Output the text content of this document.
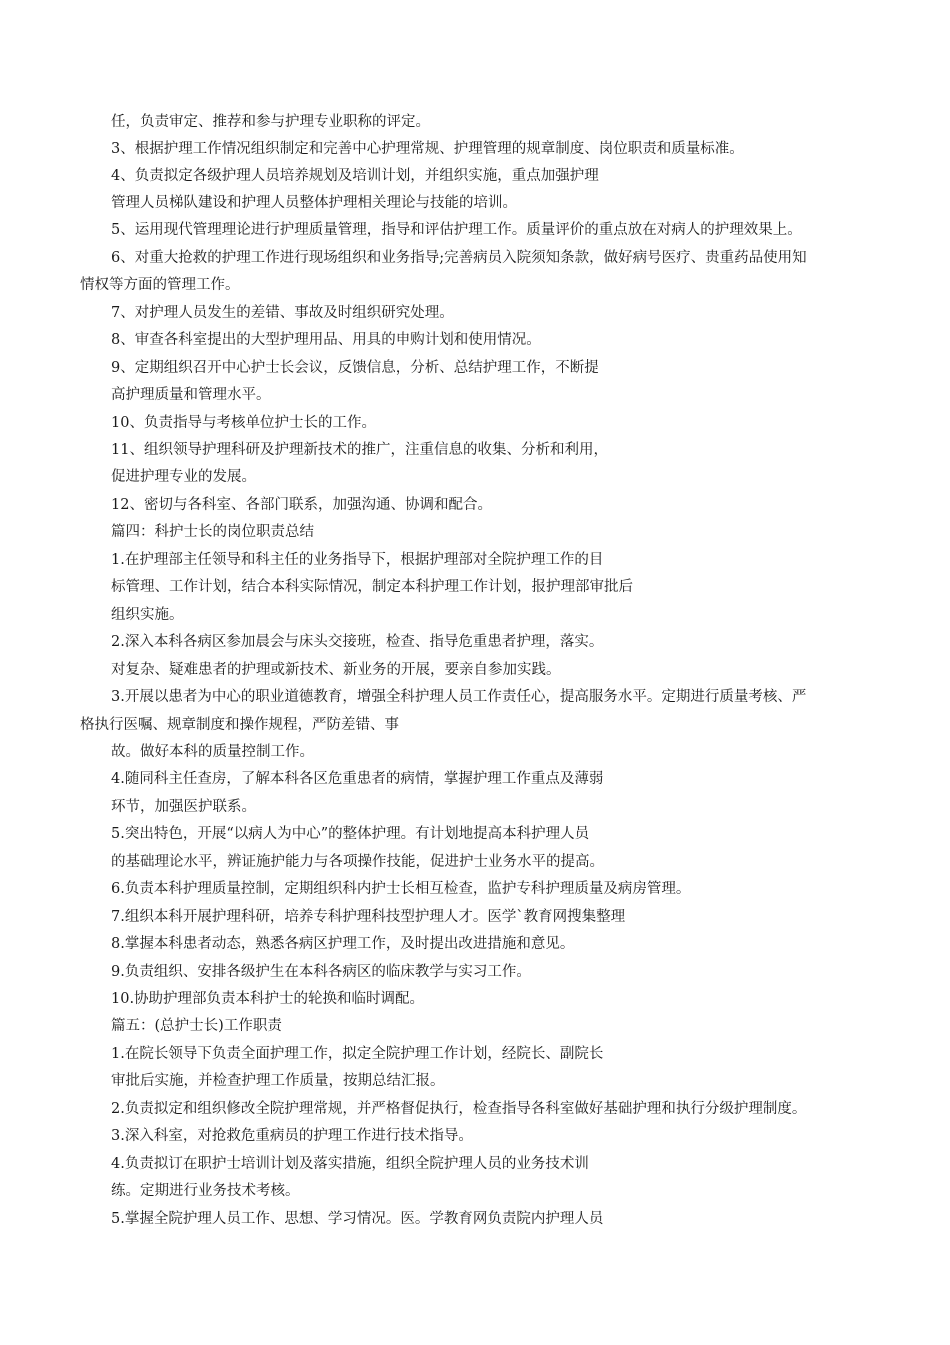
任，负责审定、推荐和参与护理专业职称的评定。
3、根据护理工作情况组织制定和完善中心护理常规、护理管理的规章制度、岗位职责和质量标准。
4、负责拟定各级护理人员培养规划及培训计划，并组织实施，重点加强护理
管理人员梯队建设和护理人员整体护理相关理论与技能的培训。
5、运用现代管理理论进行护理质量管理，指导和评估护理工作。质量评价的重点放在对病人的护理效果上。
6、对重大抢救的护理工作进行现场组织和业务指导;完善病员入院须知条款，做好病号医疗、贵重药品使用知
情权等方面的管理工作。
7、对护理人员发生的差错、事故及时组织研究处理。
8、审查各科室提出的大型护理用品、用具的申购计划和使用情况。
9、定期组织召开中心护士长会议，反馈信息，分析、总结护理工作，不断提
高护理质量和管理水平。
10、负责指导与考核单位护士长的工作。
11、组织领导护理科研及护理新技术的推广，注重信息的收集、分析和利用，
促进护理专业的发展。
12、密切与各科室、各部门联系，加强沟通、协调和配合。
篇四：科护士长的岗位职责总结
1.在护理部主任领导和科主任的业务指导下，根据护理部对全院护理工作的目
标管理、工作计划，结合本科实际情况，制定本科护理工作计划，报护理部审批后
组织实施。
2.深入本科各病区参加晨会与床头交接班，检查、指导危重患者护理，落实。
对复杂、疑难患者的护理或新技术、新业务的开展，要亲自参加实践。
3.开展以患者为中心的职业道德教育，增强全科护理人员工作责任心，提高服务水平。定期进行质量考核、严
格执行医嘱、规章制度和操作规程，严防差错、事
故。做好本科的质量控制工作。
4.随同科主任查房，了解本科各区危重患者的病情，掌握护理工作重点及薄弱
环节，加强医护联系。
5.突出特色，开展“以病人为中心”的整体护理。有计划地提高本科护理人员
的基础理论水平，辨证施护能力与各项操作技能，促进护士业务水平的提高。
6.负责本科护理质量控制，定期组织科内护士长相互检查，监护专科护理质量及病房管理。
7.组织本科开展护理科研，培养专科护理科技型护理人才。医学`教育网搜集整理
8.掌握本科患者动态，熟悉各病区护理工作，及时提出改进措施和意见。
9.负责组织、安排各级护生在本科各病区的临床教学与实习工作。
10.协助护理部负责本科护士的轮换和临时调配。
篇五：(总护士长)工作职责
1.在院长领导下负责全面护理工作，拟定全院护理工作计划，经院长、副院长
审批后实施，并检查护理工作质量，按期总结汇报。
2.负责拟定和组织修改全院护理常规，并严格督促执行，检查指导各科室做好基础护理和执行分级护理制度。
3.深入科室，对抢救危重病员的护理工作进行技术指导。
4.负责拟订在职护士培训计划及落实措施，组织全院护理人员的业务技术训
练。定期进行业务技术考核。
5.掌握全院护理人员工作、思想、学习情况。医。学教育网负责院内护理人员
